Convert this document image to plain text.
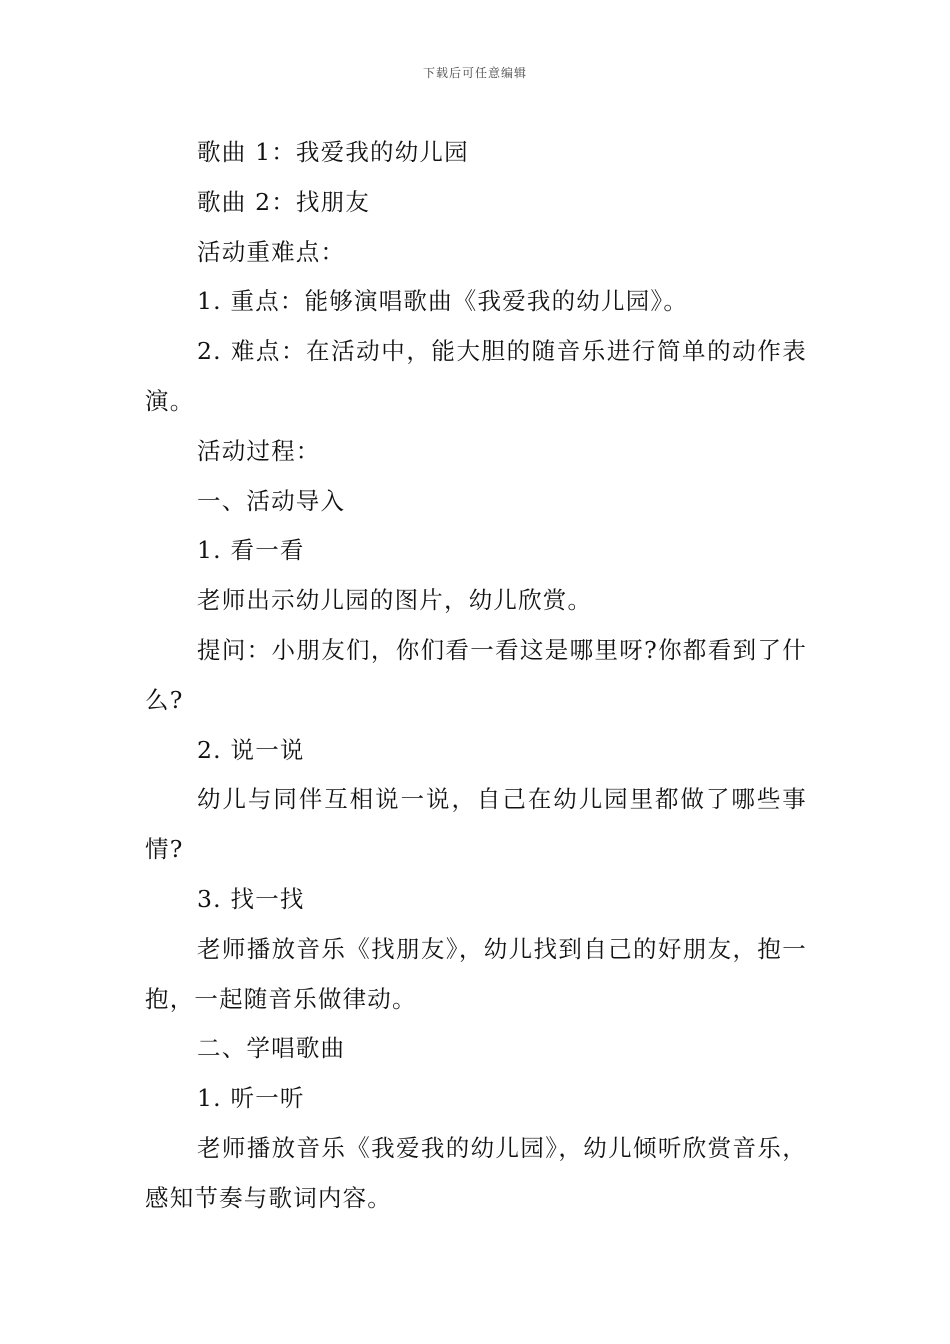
下载后可任意编辑

歌曲 1：我爱我的幼儿园

歌曲 2：找朋友

活动重难点：

1. 重点：能够演唱歌曲《我爱我的幼儿园》。

2. 难点：在活动中，能大胆的随音乐进行简单的动作表演。

活动过程：

一、活动导入

1. 看一看

老师出示幼儿园的图片，幼儿欣赏。

提问：小朋友们，你们看一看这是哪里呀?你都看到了什么?

2. 说一说

幼儿与同伴互相说一说，自己在幼儿园里都做了哪些事情?

3. 找一找

老师播放音乐《找朋友》，幼儿找到自己的好朋友，抱一抱，一起随音乐做律动。

二、学唱歌曲

1. 听一听

老师播放音乐《我爱我的幼儿园》，幼儿倾听欣赏音乐，感知节奏与歌词内容。
